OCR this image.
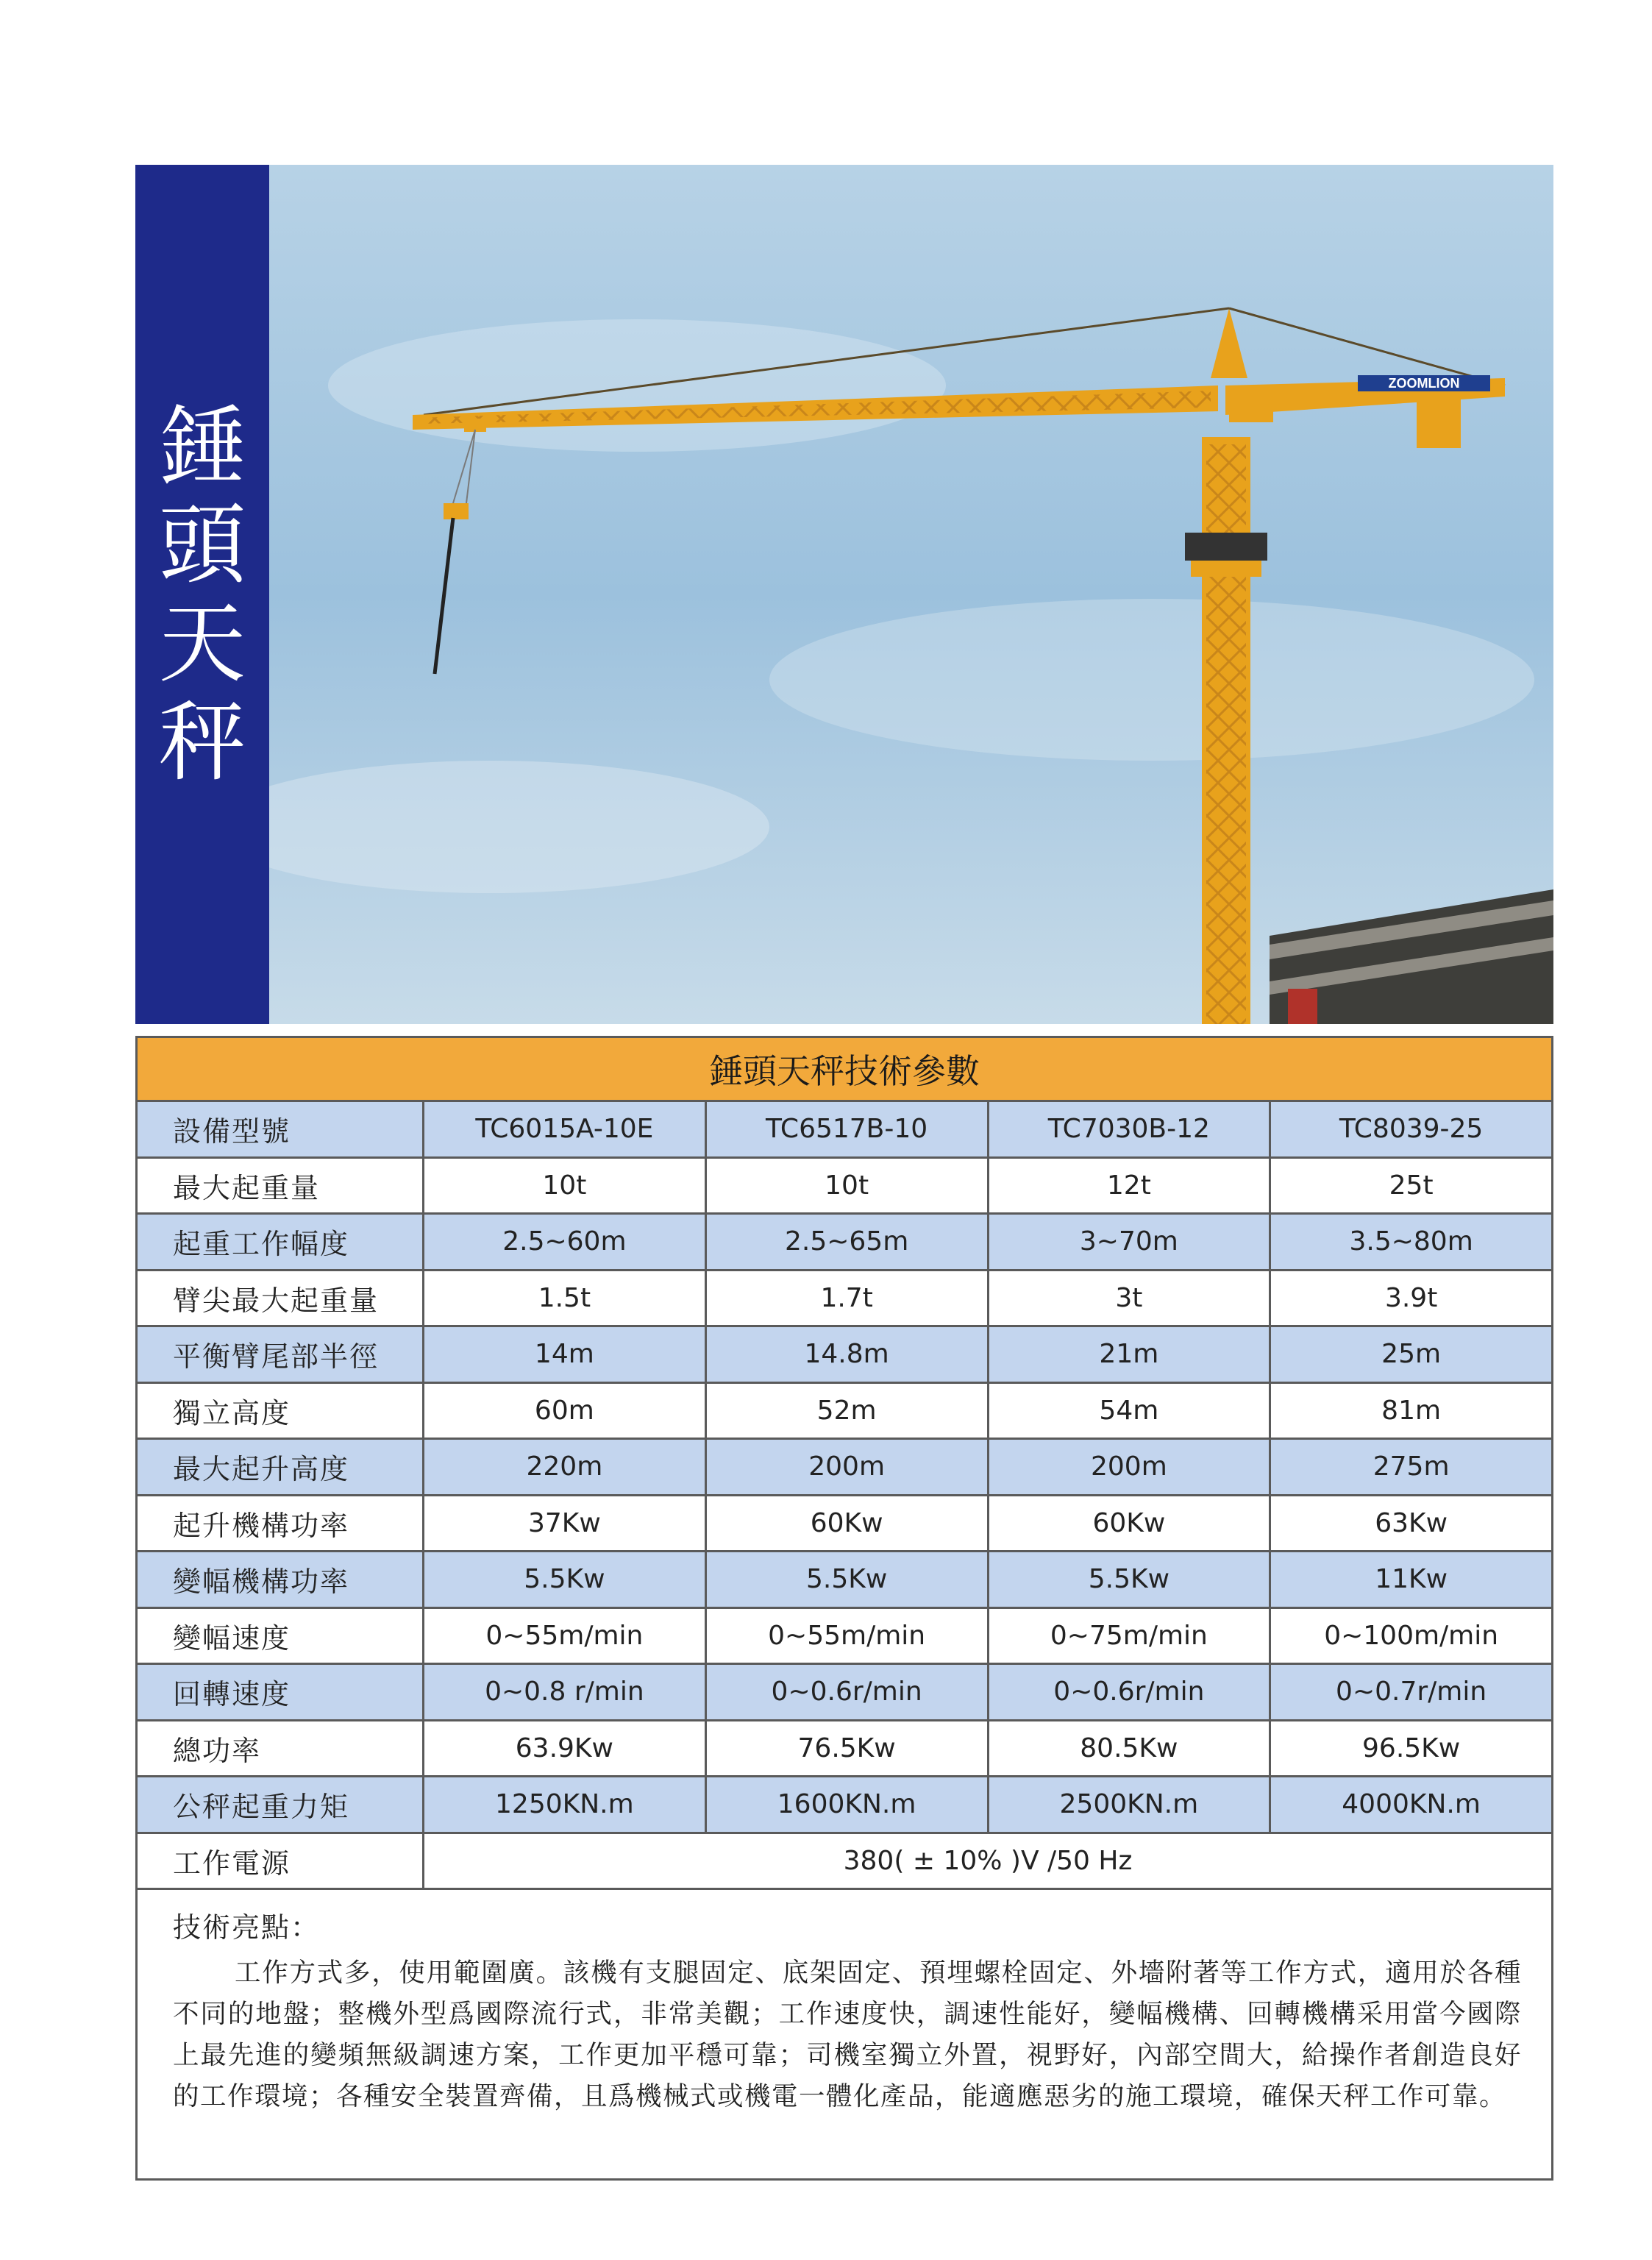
錘
頭
天
秤
ZOOMLION
錘頭天秤技術參數
設備型號	TC6015A-10E	TC6517B-10	TC7030B-12	TC8039-25
最大起重量	10t	10t	12t	25t
起重工作幅度	2.5~60m	2.5~65m	3~70m	3.5~80m
臂尖最大起重量	1.5t	1.7t	3t	3.9t
平衡臂尾部半徑	14m	14.8m	21m	25m
獨立高度	60m	52m	54m	81m
最大起升高度	220m	200m	200m	275m
起升機構功率	37Kw	60Kw	60Kw	63Kw
變幅機構功率	5.5Kw	5.5Kw	5.5Kw	11Kw
變幅速度	0~55m/min	0~55m/min	0~75m/min	0~100m/min
回轉速度	0~0.8 r/min	0~0.6r/min	0~0.6r/min	0~0.7r/min
總功率	63.9Kw	76.5Kw	80.5Kw	96.5Kw
公秤起重力矩	1250KN.m	1600KN.m	2500KN.m	4000KN.m
工作電源	380( ± 10% )V /50 Hz
技術亮點：
工作方式多，使用範圍廣。該機有支腿固定、底架固定、預埋螺栓固定、外墻附著等工作方式，適用於各種不同的地盤；整機外型爲國際流行式，非常美觀；工作速度快，調速性能好，變幅機構、回轉機構采用當今國際上最先進的變頻無級調速方案，工作更加平穩可靠；司機室獨立外置，視野好，內部空間大，給操作者創造良好的工作環境；各種安全裝置齊備，且爲機械式或機電一體化產品，能適應惡劣的施工環境，確保天秤工作可靠。
